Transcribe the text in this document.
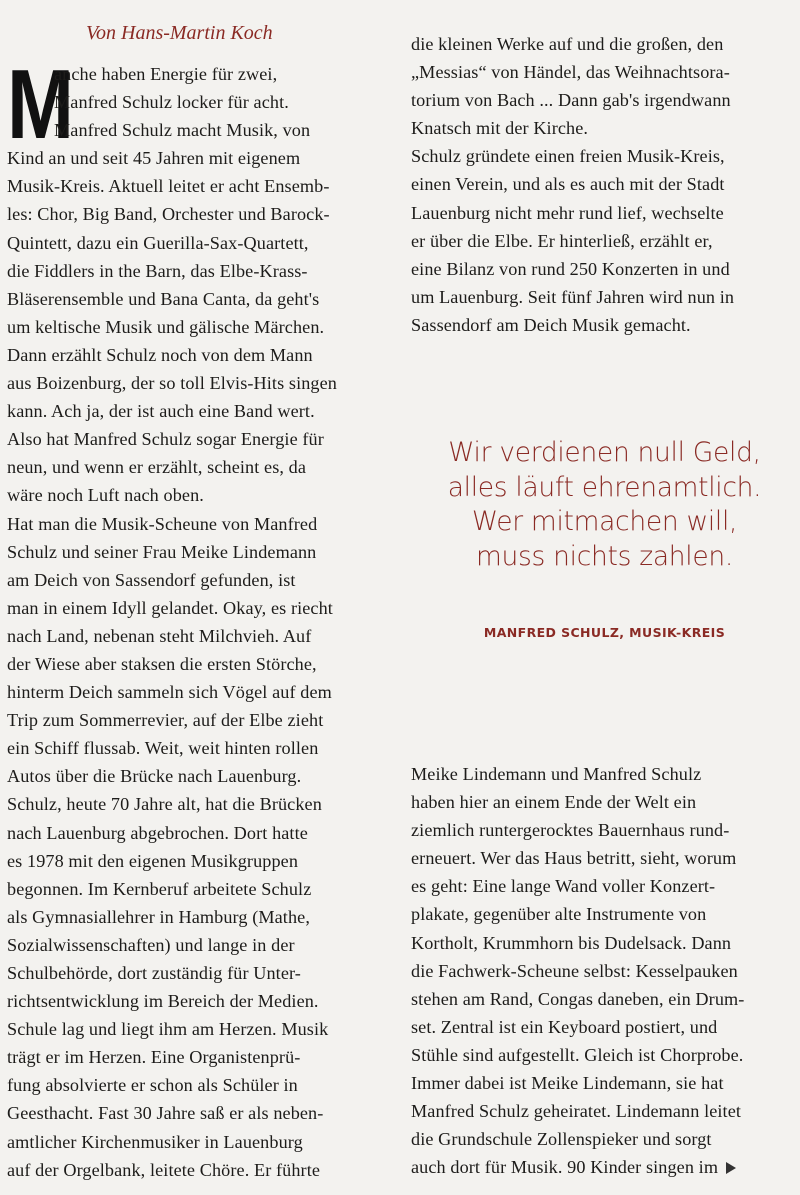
Von Hans-Martin Koch
M
anche haben Energie für zwei,
Manfred Schulz locker für acht.
Manfred Schulz macht Musik, von
Kind an und seit 45 Jahren mit eigenem
Musik-Kreis. Aktuell leitet er acht Ensemb-
les: Chor, Big Band, Orchester und Barock-
Quintett, dazu ein Guerilla-Sax-Quartett,
die Fiddlers in the Barn, das Elbe-Krass-
Bläserensemble und Bana Canta, da geht's
um keltische Musik und gälische Märchen.
Dann erzählt Schulz noch von dem Mann
aus Boizenburg, der so toll Elvis-Hits singen
kann. Ach ja, der ist auch eine Band wert.
Also hat Manfred Schulz sogar Energie für
neun, und wenn er erzählt, scheint es, da
wäre noch Luft nach oben.
Hat man die Musik-Scheune von Manfred
Schulz und seiner Frau Meike Lindemann
am Deich von Sassendorf gefunden, ist
man in einem Idyll gelandet. Okay, es riecht
nach Land, nebenan steht Milchvieh. Auf
der Wiese aber staksen die ersten Störche,
hinterm Deich sammeln sich Vögel auf dem
Trip zum Sommerrevier, auf der Elbe zieht
ein Schiff flussab. Weit, weit hinten rollen
Autos über die Brücke nach Lauenburg.
Schulz, heute 70 Jahre alt, hat die Brücken
nach Lauenburg abgebrochen. Dort hatte
es 1978 mit den eigenen Musikgruppen
begonnen. Im Kernberuf arbeitete Schulz
als Gymnasiallehrer in Hamburg (Mathe,
Sozialwissenschaften) und lange in der
Schulbehörde, dort zuständig für Unter-
richtsentwicklung im Bereich der Medien.
Schule lag und liegt ihm am Herzen. Musik
trägt er im Herzen. Eine Organistenprü-
fung absolvierte er schon als Schüler in
Geesthacht. Fast 30 Jahre saß er als neben-
amtlicher Kirchenmusiker in Lauenburg
auf der Orgelbank, leitete Chöre. Er führte
die kleinen Werke auf und die großen, den
„Messias“ von Händel, das Weihnachtsora-
torium von Bach ... Dann gab's irgendwann
Knatsch mit der Kirche.
Schulz gründete einen freien Musik-Kreis,
einen Verein, und als es auch mit der Stadt
Lauenburg nicht mehr rund lief, wechselte
er über die Elbe. Er hinterließ, erzählt er,
eine Bilanz von rund 250 Konzerten in und
um Lauenburg. Seit fünf Jahren wird nun in
Sassendorf am Deich Musik gemacht.
Wir verdienen null Geld,
alles läuft ehrenamtlich.
Wer mitmachen will,
muss nichts zahlen.
MANFRED SCHULZ, MUSIK-KREIS
Meike Lindemann und Manfred Schulz
haben hier an einem Ende der Welt ein
ziemlich runtergerocktes Bauernhaus rund-
erneuert. Wer das Haus betritt, sieht, worum
es geht: Eine lange Wand voller Konzert-
plakate, gegenüber alte Instrumente von
Kortholt, Krummhorn bis Dudelsack. Dann
die Fachwerk-Scheune selbst: Kesselpauken
stehen am Rand, Congas daneben, ein Drum-
set. Zentral ist ein Keyboard postiert, und
Stühle sind aufgestellt. Gleich ist Chorprobe.
Immer dabei ist Meike Lindemann, sie hat
Manfred Schulz geheiratet. Lindemann leitet
die Grundschule Zollenspieker und sorgt
auch dort für Musik. 90 Kinder singen im
